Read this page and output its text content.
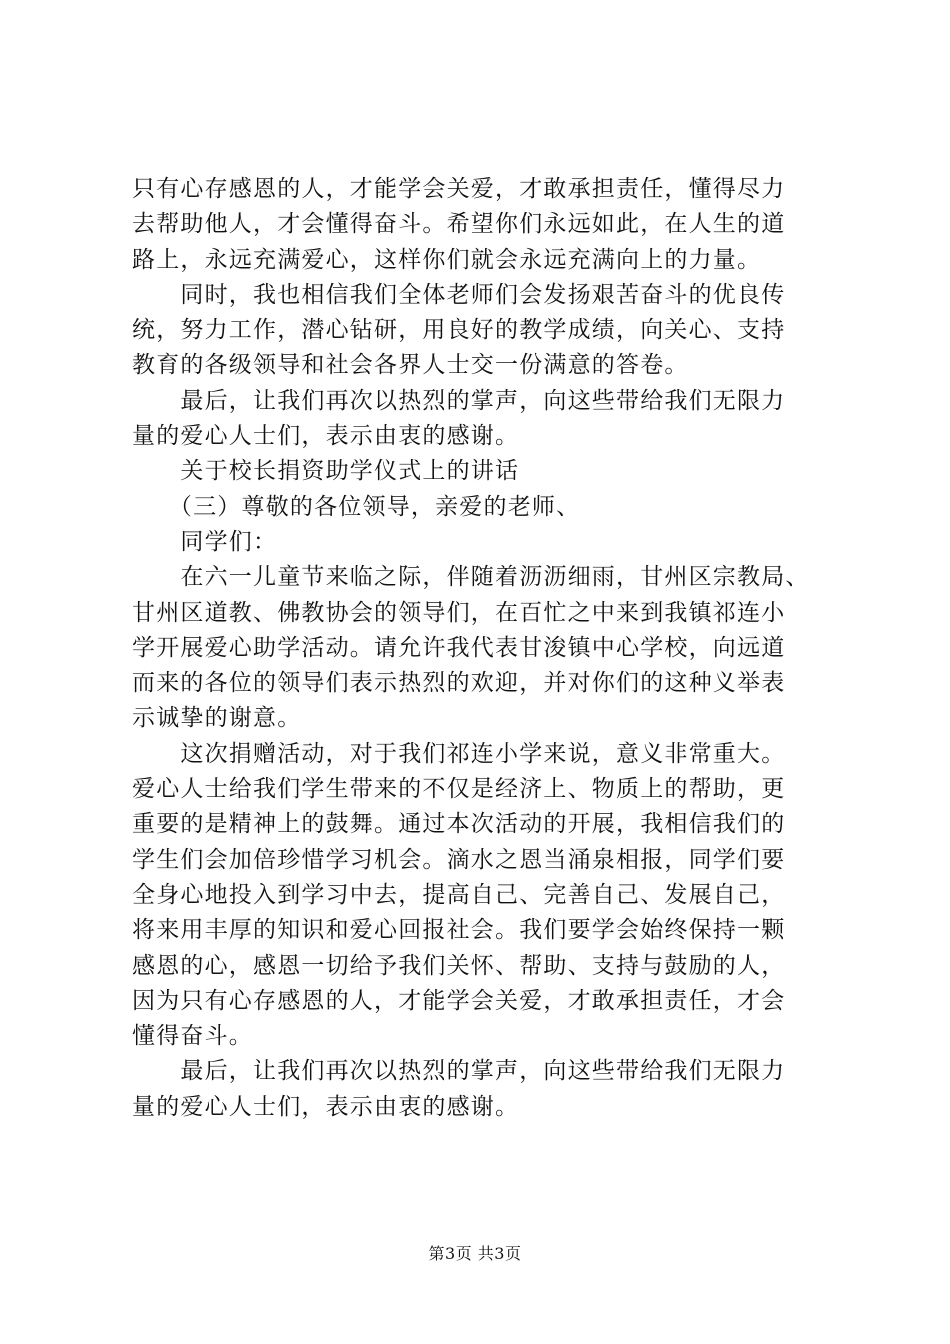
只有心存感恩的人，才能学会关爱，才敢承担责任，懂得尽力
去帮助他人，才会懂得奋斗。希望你们永远如此，在人生的道
路上，永远充满爱心，这样你们就会永远充满向上的力量。
　　同时，我也相信我们全体老师们会发扬艰苦奋斗的优良传
统，努力工作，潜心钻研，用良好的教学成绩，向关心、支持
教育的各级领导和社会各界人士交一份满意的答卷。
　　最后，让我们再次以热烈的掌声，向这些带给我们无限力
量的爱心人士们，表示由衷的感谢。
　　关于校长捐资助学仪式上的讲话
　　（三）尊敬的各位领导，亲爱的老师、
　　同学们：
　　在六一儿童节来临之际，伴随着沥沥细雨，甘州区宗教局、
甘州区道教、佛教协会的领导们，在百忙之中来到我镇祁连小
学开展爱心助学活动。请允许我代表甘浚镇中心学校，向远道
而来的各位的领导们表示热烈的欢迎，并对你们的这种义举表
示诚挚的谢意。
　　这次捐赠活动，对于我们祁连小学来说，意义非常重大。
爱心人士给我们学生带来的不仅是经济上、物质上的帮助，更
重要的是精神上的鼓舞。通过本次活动的开展，我相信我们的
学生们会加倍珍惜学习机会。滴水之恩当涌泉相报，同学们要
全身心地投入到学习中去，提高自己、完善自己、发展自己，
将来用丰厚的知识和爱心回报社会。我们要学会始终保持一颗
感恩的心，感恩一切给予我们关怀、帮助、支持与鼓励的人，
因为只有心存感恩的人，才能学会关爱，才敢承担责任，才会
懂得奋斗。
　　最后，让我们再次以热烈的掌声，向这些带给我们无限力
量的爱心人士们，表示由衷的感谢。
第3页 共3页
